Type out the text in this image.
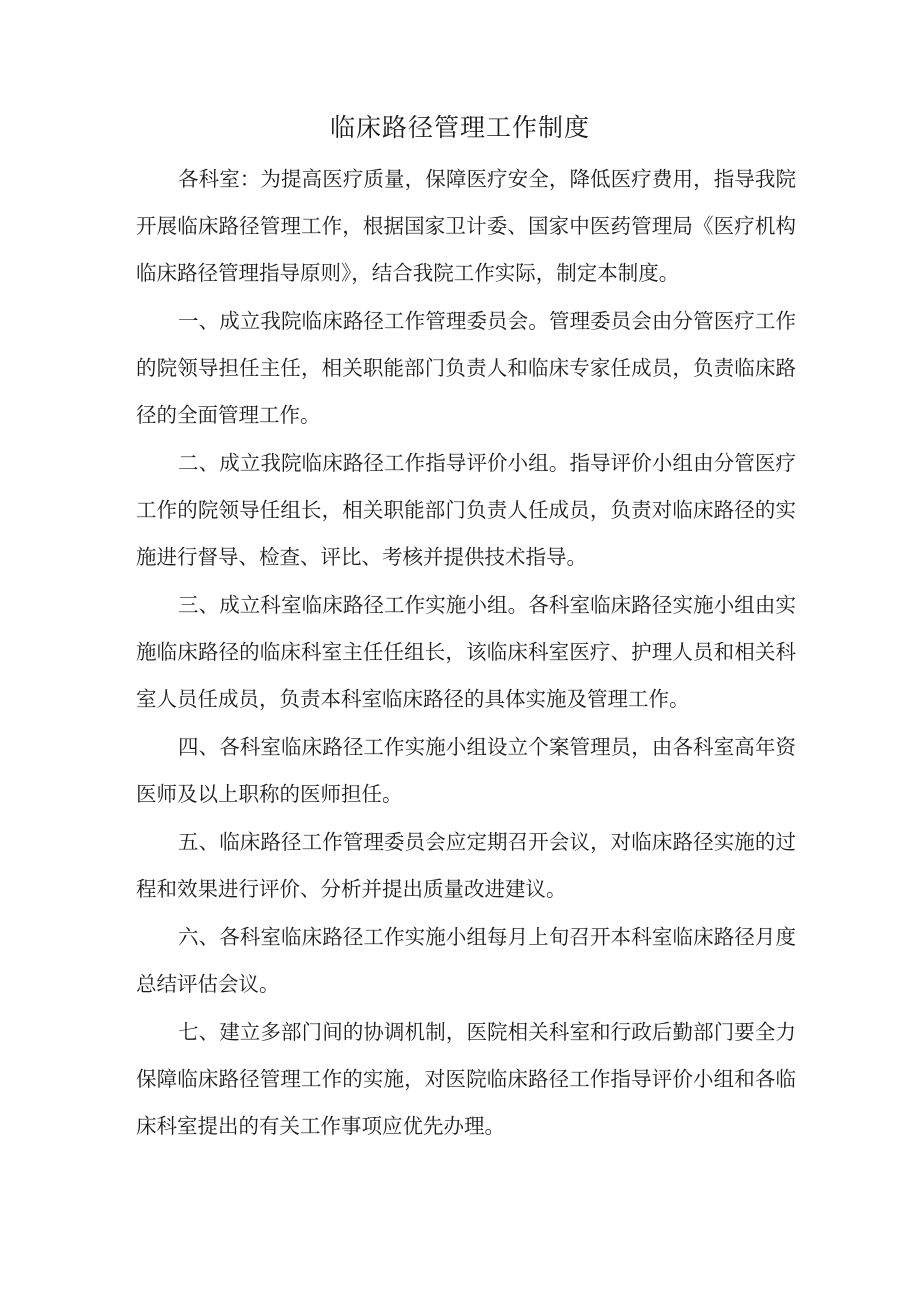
临床路径管理工作制度

各科室：为提高医疗质量，保障医疗安全，降低医疗费用，指导我院开展临床路径管理工作，根据国家卫计委、国家中医药管理局《医疗机构临床路径管理指导原则》，结合我院工作实际，制定本制度。

一、成立我院临床路径工作管理委员会。管理委员会由分管医疗工作的院领导担任主任，相关职能部门负责人和临床专家任成员，负责临床路径的全面管理工作。

二、成立我院临床路径工作指导评价小组。指导评价小组由分管医疗工作的院领导任组长，相关职能部门负责人任成员，负责对临床路径的实施进行督导、检查、评比、考核并提供技术指导。

三、成立科室临床路径工作实施小组。各科室临床路径实施小组由实施临床路径的临床科室主任任组长，该临床科室医疗、护理人员和相关科室人员任成员，负责本科室临床路径的具体实施及管理工作。

四、各科室临床路径工作实施小组设立个案管理员，由各科室高年资医师及以上职称的医师担任。

五、临床路径工作管理委员会应定期召开会议，对临床路径实施的过程和效果进行评价、分析并提出质量改进建议。

六、各科室临床路径工作实施小组每月上旬召开本科室临床路径月度总结评估会议。

七、建立多部门间的协调机制，医院相关科室和行政后勤部门要全力保障临床路径管理工作的实施，对医院临床路径工作指导评价小组和各临床科室提出的有关工作事项应优先办理。
